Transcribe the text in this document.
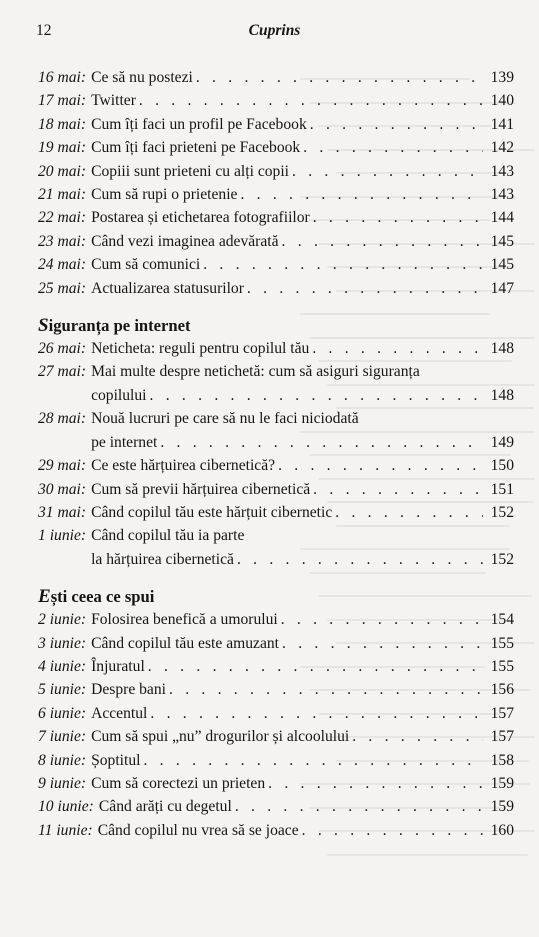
12	Cuprins
16 mai: Ce să nu postezi . . .	139
17 mai: Twitter . . .	140
18 mai: Cum îți faci un profil pe Facebook . . .	141
19 mai: Cum îți faci prieteni pe Facebook . . .	142
20 mai: Copiii sunt prieteni cu alți copii . . .	143
21 mai: Cum să rupi o prietenie . . .	143
22 mai: Postarea și etichetarea fotografiilor . . .	144
23 mai: Când vezi imaginea adevărată . . .	145
24 mai: Cum să comunici . . .	145
25 mai: Actualizarea statusurilor . . .	147
Siguranța pe internet
26 mai: Neticheta: reguli pentru copilul tău . . .	148
27 mai: Mai multe despre netichetă: cum să asiguri siguranța
copilului . . .	148
28 mai: Nouă lucruri pe care să nu le faci niciodată
pe internet . . .	149
29 mai: Ce este hărțuirea cibernetică? . . .	150
30 mai: Cum să previi hărțuirea cibernetică . . .	151
31 mai: Când copilul tău este hărțuit cibernetic . . .	152
1 iunie: Când copilul tău ia parte
la hărțuirea cibernetică . . .	152
Ești ceea ce spui
2 iunie: Folosirea benefică a umorului . . .	154
3 iunie: Când copilul tău este amuzant . . .	155
4 iunie: Înjuratul . . .	155
5 iunie: Despre bani . . .	156
6 iunie: Accentul . . .	157
7 iunie: Cum să spui „nu” drogurilor și alcoolului . . .	157
8 iunie: Șoptitul . . .	158
9 iunie: Cum să corectezi un prieten . . .	159
10 iunie: Când arăți cu degetul . . .	159
11 iunie: Când copilul nu vrea să se joace . . .	160
